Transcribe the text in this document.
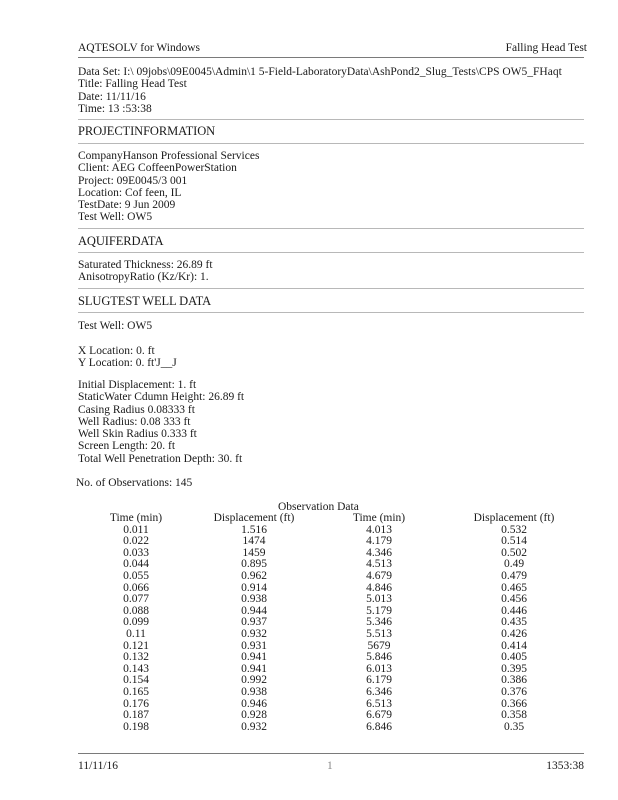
AQTESOLV for Windows	Falling Head Test
Data Set: I:\ 09jobs\09E0045\Admin\1 5-Field-LaboratoryData\AshPond2_Slug_Tests\CPS OW5_FHaqt
Title: Falling Head Test
Date: 11/11/16
Time: 13 :53:38
PROJECTINFORMATION
CompanyHanson Professional Services
Client: AEG CoffeenPowerStation
Project: 09E0045/3 001
Location: Cof feen, IL
TestDate: 9 Jun 2009
Test Well: OW5
AQUIFERDATA
Saturated Thickness: 26.89 ft
AnisotropyRatio (Kz/Kr): 1.
SLUGTEST WELL DATA
Test Well: OW5
X Location: 0. ft
Y Location: 0. ft'J__J
Initial Displacement: 1. ft
StaticWater Cdumn Height: 26.89 ft
Casing Radius 0.08333 ft
Well Radius: 0.08 333 ft
Well Skin Radius 0.333 ft
Screen Length: 20. ft
Total Well Penetration Depth: 30. ft
No. of Observations: 145
Observation Data
Time (min)	Displacement (ft)	Time (min)	Displacement (ft)
0.011	1.516	4.013	0.532
0.022	1474	4.179	0.514
0.033	1459	4.346	0.502
0.044	0.895	4.513	0.49
0.055	0.962	4.679	0.479
0.066	0.914	4.846	0.465
0.077	0.938	5.013	0.456
0.088	0.944	5.179	0.446
0.099	0.937	5.346	0.435
0.11	0.932	5.513	0.426
0.121	0.931	5679	0.414
0.132	0.941	5.846	0.405
0.143	0.941	6.013	0.395
0.154	0.992	6.179	0.386
0.165	0.938	6.346	0.376
0.176	0.946	6.513	0.366
0.187	0.928	6.679	0.358
0.198	0.932	6.846	0.35
11/11/16	1	1353:38
